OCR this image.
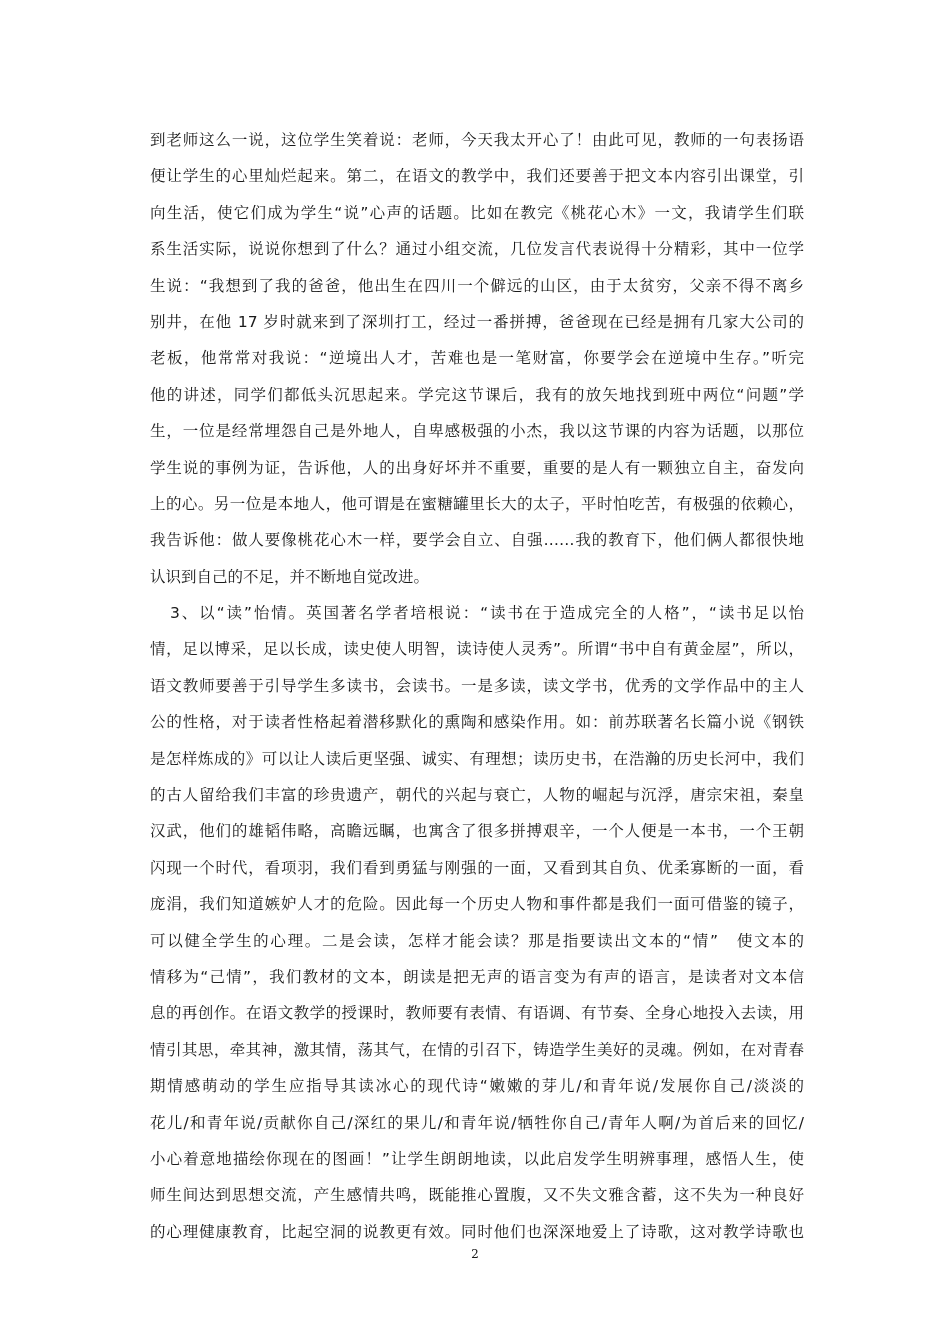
到老师这么一说，这位学生笑着说：老师，今天我太开心了！由此可见，教师的一句表扬语
便让学生的心里灿烂起来。第二，在语文的教学中，我们还要善于把文本内容引出课堂，引
向生活，使它们成为学生“说”心声的话题。比如在教完《桃花心木》一文，我请学生们联
系生活实际，说说你想到了什么？通过小组交流，几位发言代表说得十分精彩，其中一位学
生说：“我想到了我的爸爸，他出生在四川一个僻远的山区，由于太贫穷，父亲不得不离乡
别井，在他 17 岁时就来到了深圳打工，经过一番拼搏，爸爸现在已经是拥有几家大公司的
老板，他常常对我说：“逆境出人才，苦难也是一笔财富，你要学会在逆境中生存。”听完
他的讲述，同学们都低头沉思起来。学完这节课后，我有的放矢地找到班中两位“问题”学
生，一位是经常埋怨自己是外地人，自卑感极强的小杰，我以这节课的内容为话题，以那位
学生说的事例为证，告诉他，人的出身好坏并不重要，重要的是人有一颗独立自主，奋发向
上的心。另一位是本地人，他可谓是在蜜糖罐里长大的太子，平时怕吃苦，有极强的依赖心，
我告诉他：做人要像桃花心木一样，要学会自立、自强……我的教育下，他们俩人都很快地
认识到自己的不足，并不断地自觉改进。
3、以“读”怡情。英国著名学者培根说：“读书在于造成完全的人格”，“读书足以怡
情，足以博采，足以长成，读史使人明智，读诗使人灵秀”。所谓“书中自有黄金屋”，所以，
语文教师要善于引导学生多读书，会读书。一是多读，读文学书，优秀的文学作品中的主人
公的性格，对于读者性格起着潜移默化的熏陶和感染作用。如：前苏联著名长篇小说《钢铁
是怎样炼成的》可以让人读后更坚强、诚实、有理想；读历史书，在浩瀚的历史长河中，我们
的古人留给我们丰富的珍贵遗产，朝代的兴起与衰亡，人物的崛起与沉浮，唐宗宋祖，秦皇
汉武，他们的雄韬伟略，高瞻远瞩，也寓含了很多拼搏艰辛，一个人便是一本书，一个王朝
闪现一个时代，看项羽，我们看到勇猛与刚强的一面，又看到其自负、优柔寡断的一面，看
庞涓，我们知道嫉妒人才的危险。因此每一个历史人物和事件都是我们一面可借鉴的镜子，
可以健全学生的心理。二是会读，怎样才能会读？那是指要读出文本的“情”　使文本的
情移为“己情”，我们教材的文本，朗读是把无声的语言变为有声的语言，是读者对文本信
息的再创作。在语文教学的授课时，教师要有表情、有语调、有节奏、全身心地投入去读，用
情引其思，牵其神，激其情，荡其气，在情的引召下，铸造学生美好的灵魂。例如，在对青春
期情感萌动的学生应指导其读冰心的现代诗“嫩嫩的芽儿/和青年说/发展你自己/淡淡的
花儿/和青年说/贡献你自己/深红的果儿/和青年说/牺牲你自己/青年人啊/为首后来的回忆/
小心着意地描绘你现在的图画！”让学生朗朗地读，以此启发学生明辨事理，感悟人生，使
师生间达到思想交流，产生感情共鸣，既能推心置腹，又不失文雅含蓄，这不失为一种良好
的心理健康教育，比起空洞的说教更有效。同时他们也深深地爱上了诗歌，这对教学诗歌也
2
